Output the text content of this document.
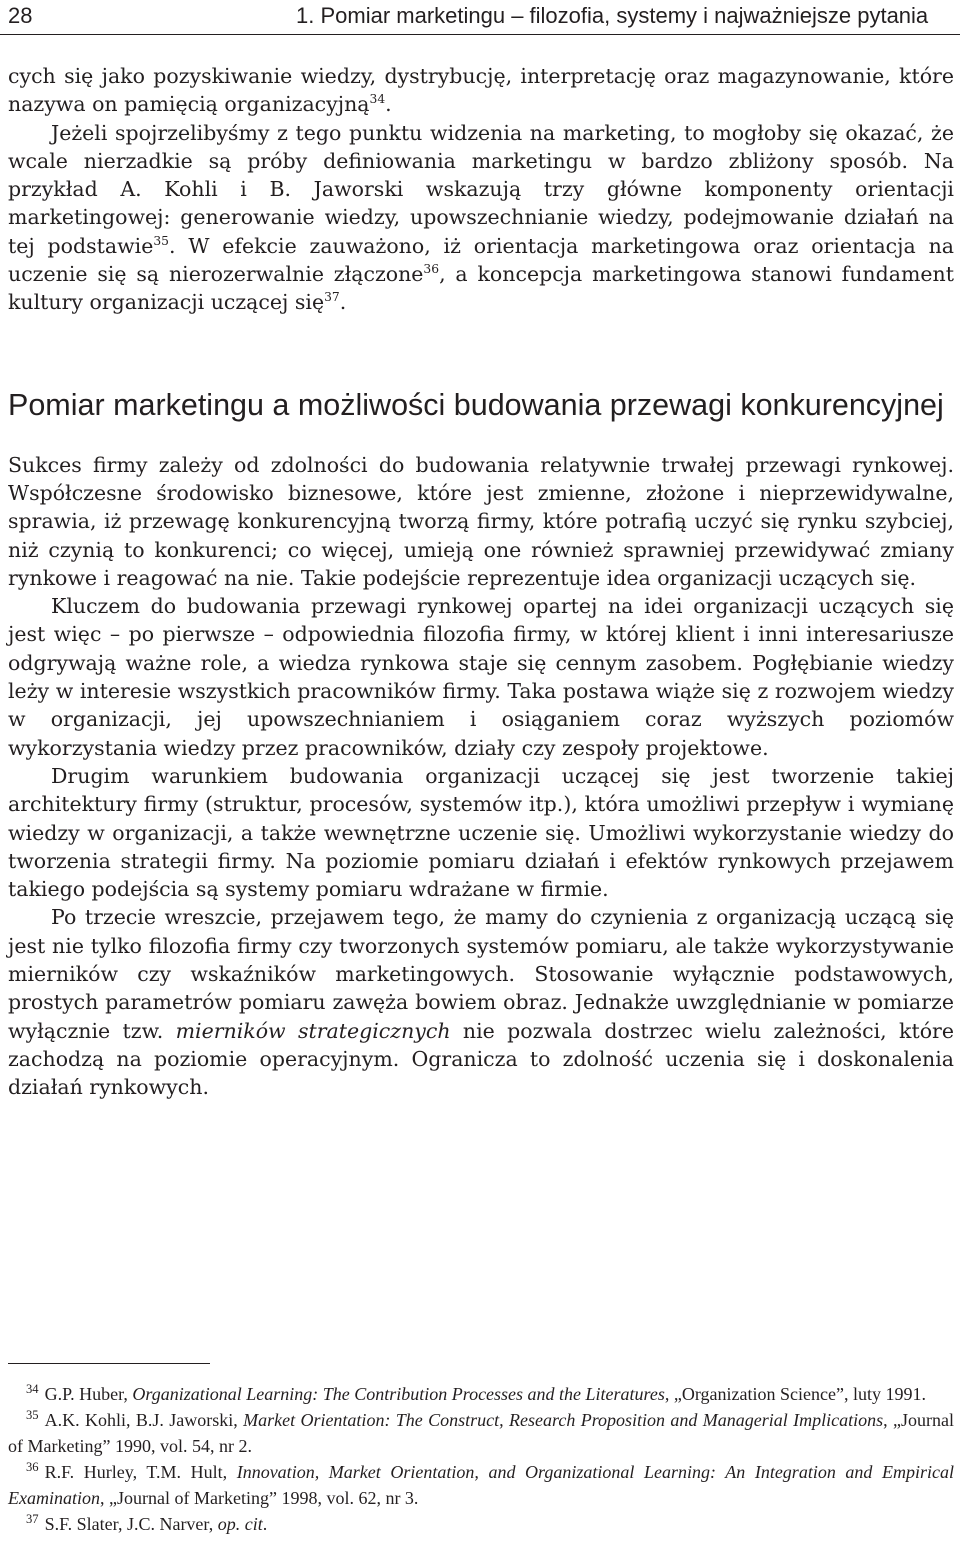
28	1. Pomiar marketingu – filozofia, systemy i najważniejsze pytania

cych się jako pozyskiwanie wiedzy, dystrybucję, interpretację oraz magazynowanie, które nazywa on pamięcią organizacyjną$^{34}$.

Jeżeli spojrzelibyśmy z tego punktu widzenia na marketing, to mogłoby się okazać, że wcale nierzadkie są próby definiowania marketingu w bardzo zbliżony sposób. Na przykład A. Kohli i B. Jaworski wskazują trzy główne komponenty orientacji marketingowej: generowanie wiedzy, upowszechnianie wiedzy, podejmowanie działań na tej podstawie$^{35}$. W efekcie zauważono, iż orientacja marketingowa oraz orientacja na uczenie się są nierozerwalnie złączone$^{36}$, a koncepcja marketingowa stanowi fundament kultury organizacji uczącej się$^{37}$.

Pomiar marketingu a możliwości budowania przewagi konkurencyjnej

Sukces firmy zależy od zdolności do budowania relatywnie trwałej przewagi rynkowej. Współczesne środowisko biznesowe, które jest zmienne, złożone i nieprzewidywalne, sprawia, iż przewagę konkurencyjną tworzą firmy, które potrafią uczyć się rynku szybciej, niż czynią to konkurenci; co więcej, umieją one również sprawniej przewidywać zmiany rynkowe i reagować na nie. Takie podejście reprezentuje idea organizacji uczących się.

Kluczem do budowania przewagi rynkowej opartej na idei organizacji uczących się jest więc – po pierwsze – odpowiednia filozofia firmy, w której klient i inni interesariusze odgrywają ważne role, a wiedza rynkowa staje się cennym zasobem. Pogłębianie wiedzy leży w interesie wszystkich pracowników firmy. Taka postawa wiąże się z rozwojem wiedzy w organizacji, jej upowszechnianiem i osiąganiem coraz wyższych poziomów wykorzystania wiedzy przez pracowników, działy czy zespoły projektowe.

Drugim warunkiem budowania organizacji uczącej się jest tworzenie takiej architektury firmy (struktur, procesów, systemów itp.), która umożliwi przepływ i wymianę wiedzy w organizacji, a także wewnętrzne uczenie się. Umożliwi wykorzystanie wiedzy do tworzenia strategii firmy. Na poziomie pomiaru działań i efektów rynkowych przejawem takiego podejścia są systemy pomiaru wdrażane w firmie.

Po trzecie wreszcie, przejawem tego, że mamy do czynienia z organizacją uczącą się jest nie tylko filozofia firmy czy tworzonych systemów pomiaru, ale także wykorzystywanie mierników czy wskaźników marketingowych. Stosowanie wyłącznie podstawowych, prostych parametrów pomiaru zawęża bowiem obraz. Jednakże uwzględnianie w pomiarze wyłącznie tzw. mierników strategicznych nie pozwala dostrzec wielu zależności, które zachodzą na poziomie operacyjnym. Ogranicza to zdolność uczenia się i doskonalenia działań rynkowych.

$^{34}$ G.P. Huber, Organizational Learning: The Contribution Processes and the Literatures, „Organization Science”, luty 1991.

$^{35}$ A.K. Kohli, B.J. Jaworski, Market Orientation: The Construct, Research Proposition and Managerial Implications, „Journal of Marketing” 1990, vol. 54, nr 2.

$^{36}$ R.F. Hurley, T.M. Hult, Innovation, Market Orientation, and Organizational Learning: An Integration and Empirical Examination, „Journal of Marketing” 1998, vol. 62, nr 3.

$^{37}$ S.F. Slater, J.C. Narver, op. cit.
